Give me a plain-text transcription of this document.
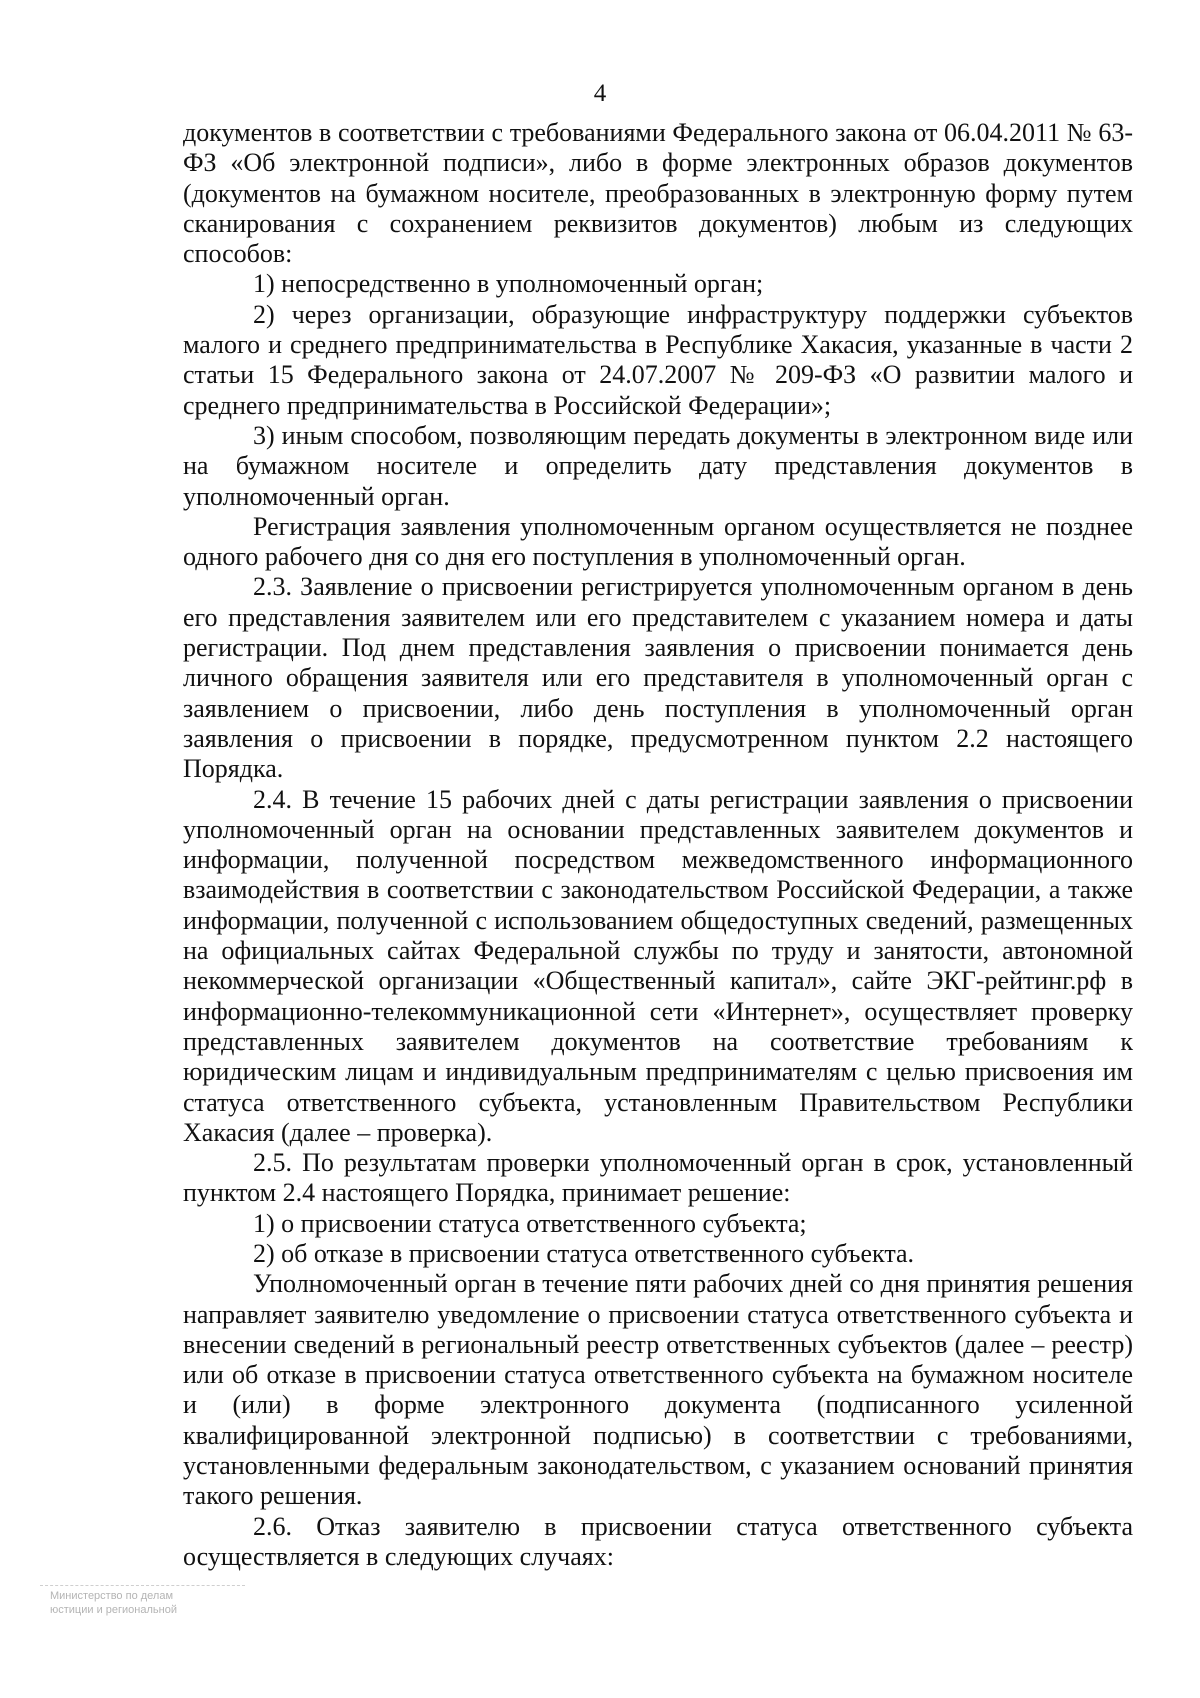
4

документов в соответствии с требованиями Федерального закона от 06.04.2011 № 63-ФЗ «Об электронной подписи», либо в форме электронных образов документов (документов на бумажном носителе, преобразованных в электронную форму путем сканирования с сохранением реквизитов документов) любым из следующих способов:

1) непосредственно в уполномоченный орган;

2) через организации, образующие инфраструктуру поддержки субъектов малого и среднего предпринимательства в Республике Хакасия, указанные в части 2 статьи 15 Федерального закона от 24.07.2007 № 209-ФЗ «О развитии малого и среднего предпринимательства в Российской Федерации»;

3) иным способом, позволяющим передать документы в электронном виде или на бумажном носителе и определить дату представления документов в уполномоченный орган.

Регистрация заявления уполномоченным органом осуществляется не позднее одного рабочего дня со дня его поступления в уполномоченный орган.

2.3. Заявление о присвоении регистрируется уполномоченным органом в день его представления заявителем или его представителем с указанием номера и даты регистрации. Под днем представления заявления о присвоении понимается день личного обращения заявителя или его представителя в уполномоченный орган с заявлением о присвоении, либо день поступления в уполномоченный орган заявления о присвоении в порядке, предусмотренном пунктом 2.2 настоящего Порядка.

2.4. В течение 15 рабочих дней с даты регистрации заявления о присвоении уполномоченный орган на основании представленных заявителем документов и информации, полученной посредством межведомственного информационного взаимодействия в соответствии с законодательством Российской Федерации, а также информации, полученной с использованием общедоступных сведений, размещенных на официальных сайтах Федеральной службы по труду и занятости, автономной некоммерческой организации «Общественный капитал», сайте ЭКГ-рейтинг.рф в информационно-телекоммуникационной сети «Интернет», осуществляет проверку представленных заявителем документов на соответствие требованиям к юридическим лицам и индивидуальным предпринимателям с целью присвоения им статуса ответственного субъекта, установленным Правительством Республики Хакасия (далее – проверка).

2.5. По результатам проверки уполномоченный орган в срок, установленный пунктом 2.4 настоящего Порядка, принимает решение:

1) о присвоении статуса ответственного субъекта;

2) об отказе в присвоении статуса ответственного субъекта.

Уполномоченный орган в течение пяти рабочих дней со дня принятия решения направляет заявителю уведомление о присвоении статуса ответственного субъекта и внесении сведений в региональный реестр ответственных субъектов (далее – реестр) или об отказе в присвоении статуса ответственного субъекта на бумажном носителе и (или) в форме электронного документа (подписанного усиленной квалифицированной электронной подписью) в соответствии с требованиями, установленными федеральным законодательством, с указанием оснований принятия такого решения.

2.6. Отказ заявителю в присвоении статуса ответственного субъекта осуществляется в следующих случаях:

Министерство по делам
юстиции и региональной
